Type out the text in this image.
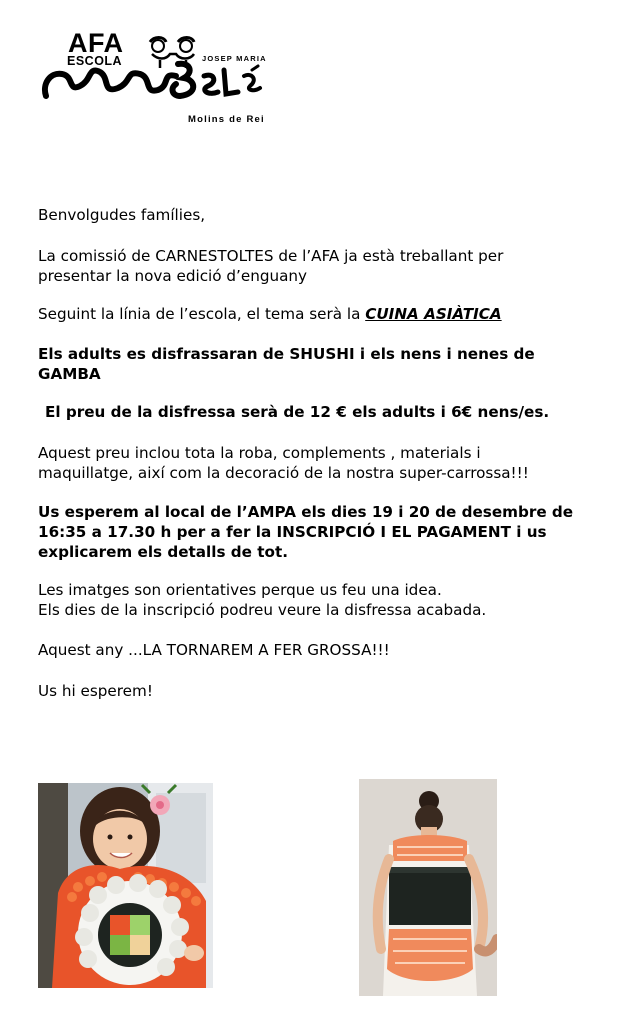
AFA
ESCOLA	JOSEP MARIA
Molins de Rei
Benvolgudes famílies,
La comissió de CARNESTOLTES de l’AFA ja està treballant per
presentar la nova edició d’enguany
Seguint la línia de l’escola, el tema serà la CUINA ASIÀTICA
Els adults es disfrassaran de SHUSHI i els nens i nenes de
GAMBA
El preu de la disfressa serà de 12 € els adults i 6€ nens/es.
Aquest preu inclou tota la roba, complements , materials i
maquillatge, així com la decoració de la nostra super-carrossa!!!
Us esperem al local de l’AMPA els dies 19 i 20 de desembre de
16:35 a 17.30 h per a fer la INSCRIPCIÓ I EL PAGAMENT i us
explicarem els detalls de tot.
Les imatges son orientatives perque us feu una idea.
Els dies de la inscripció podreu veure la disfressa acabada.
Aquest any ...LA TORNAREM A FER GROSSA!!!
Us hi esperem!
